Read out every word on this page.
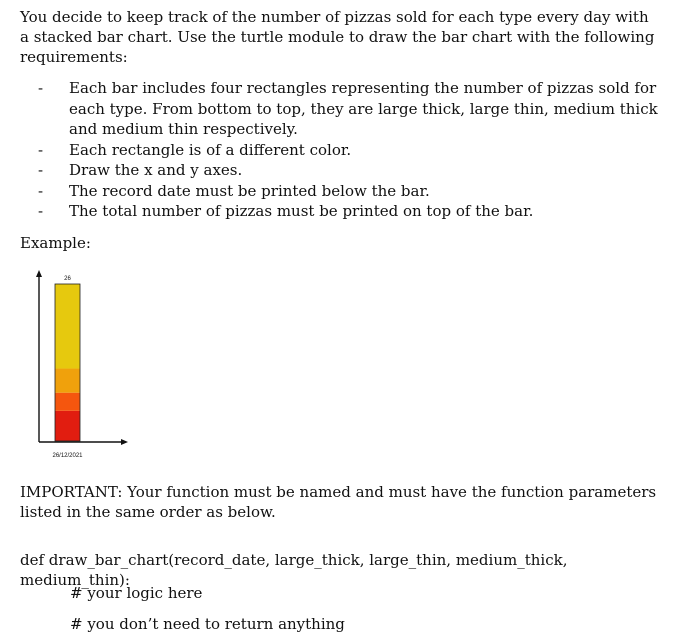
You decide to keep track of the number of pizzas sold for each type every day with a stacked bar chart. Use the turtle module to draw the bar chart with the following requirements:

- Each bar includes four rectangles representing the number of pizzas sold for each type. From bottom to top, they are large thick, large thin, medium thick and medium thin respectively.
- Each rectangle is of a different color.
- Draw the x and y axes.
- The record date must be printed below the bar.
- The total number of pizzas must be printed on top of the bar.

Example:

26
26/12/2021

IMPORTANT: Your function must be named and must have the function parameters listed in the same order as below.

def draw_bar_chart(record_date, large_thick, large_thin, medium_thick, medium_thin):

# your logic here

# you don’t need to return anything
